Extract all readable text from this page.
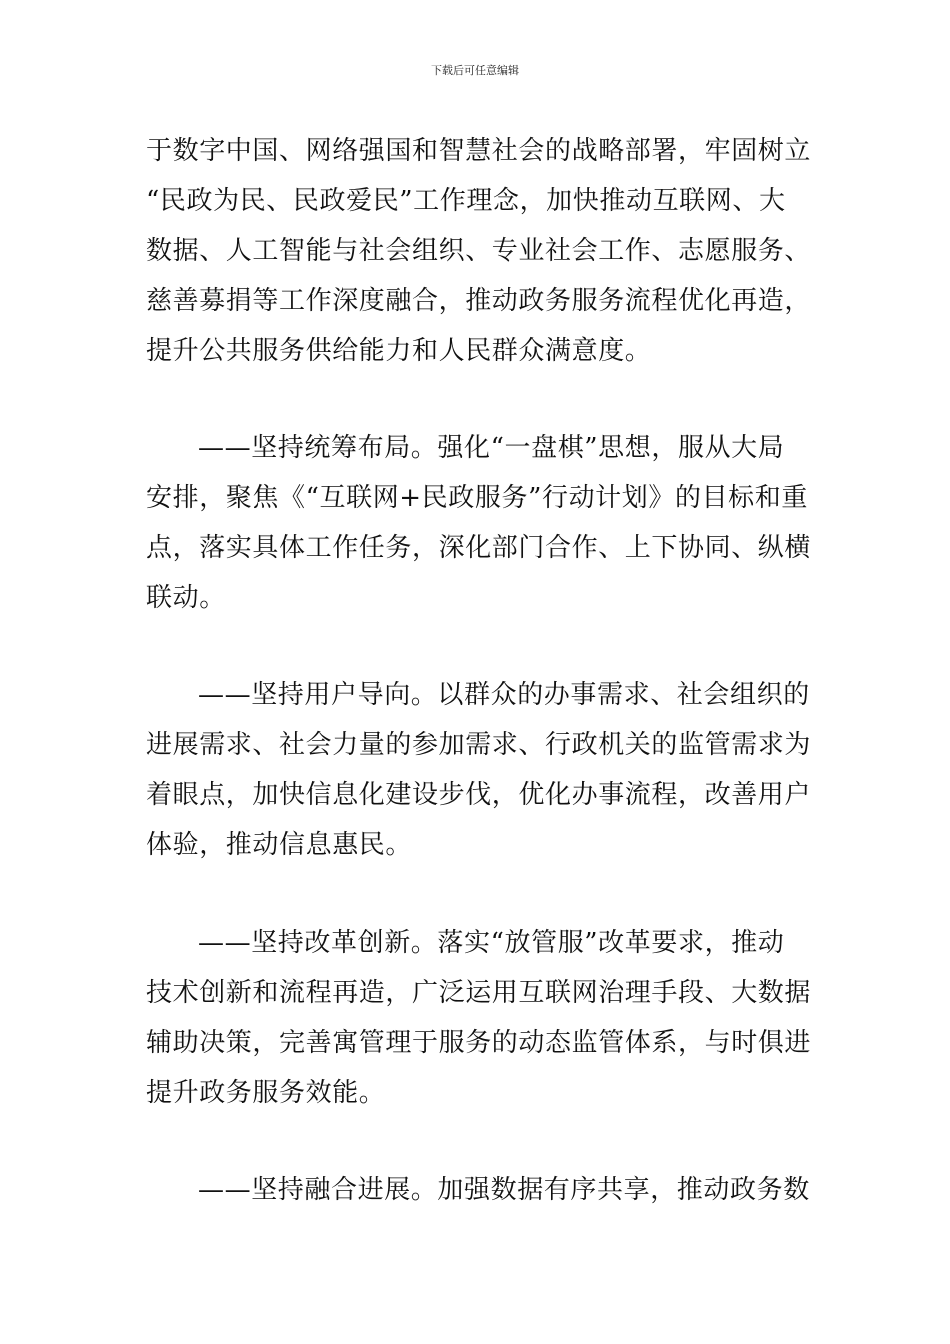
下载后可任意编辑
于数字中国、网络强国和智慧社会的战略部署，牢固树立
“民政为民、民政爱民”工作理念，加快推动互联网、大
数据、人工智能与社会组织、专业社会工作、志愿服务、
慈善募捐等工作深度融合，推动政务服务流程优化再造，
提升公共服务供给能力和人民群众满意度。
——坚持统筹布局。强化“一盘棋”思想，服从大局
安排，聚焦《“互联网+民政服务”行动计划》的目标和重
点，落实具体工作任务，深化部门合作、上下协同、纵横
联动。
——坚持用户导向。以群众的办事需求、社会组织的
进展需求、社会力量的参加需求、行政机关的监管需求为
着眼点，加快信息化建设步伐，优化办事流程，改善用户
体验，推动信息惠民。
——坚持改革创新。落实“放管服”改革要求，推动
技术创新和流程再造，广泛运用互联网治理手段、大数据
辅助决策，完善寓管理于服务的动态监管体系，与时俱进
提升政务服务效能。
——坚持融合进展。加强数据有序共享，推动政务数
